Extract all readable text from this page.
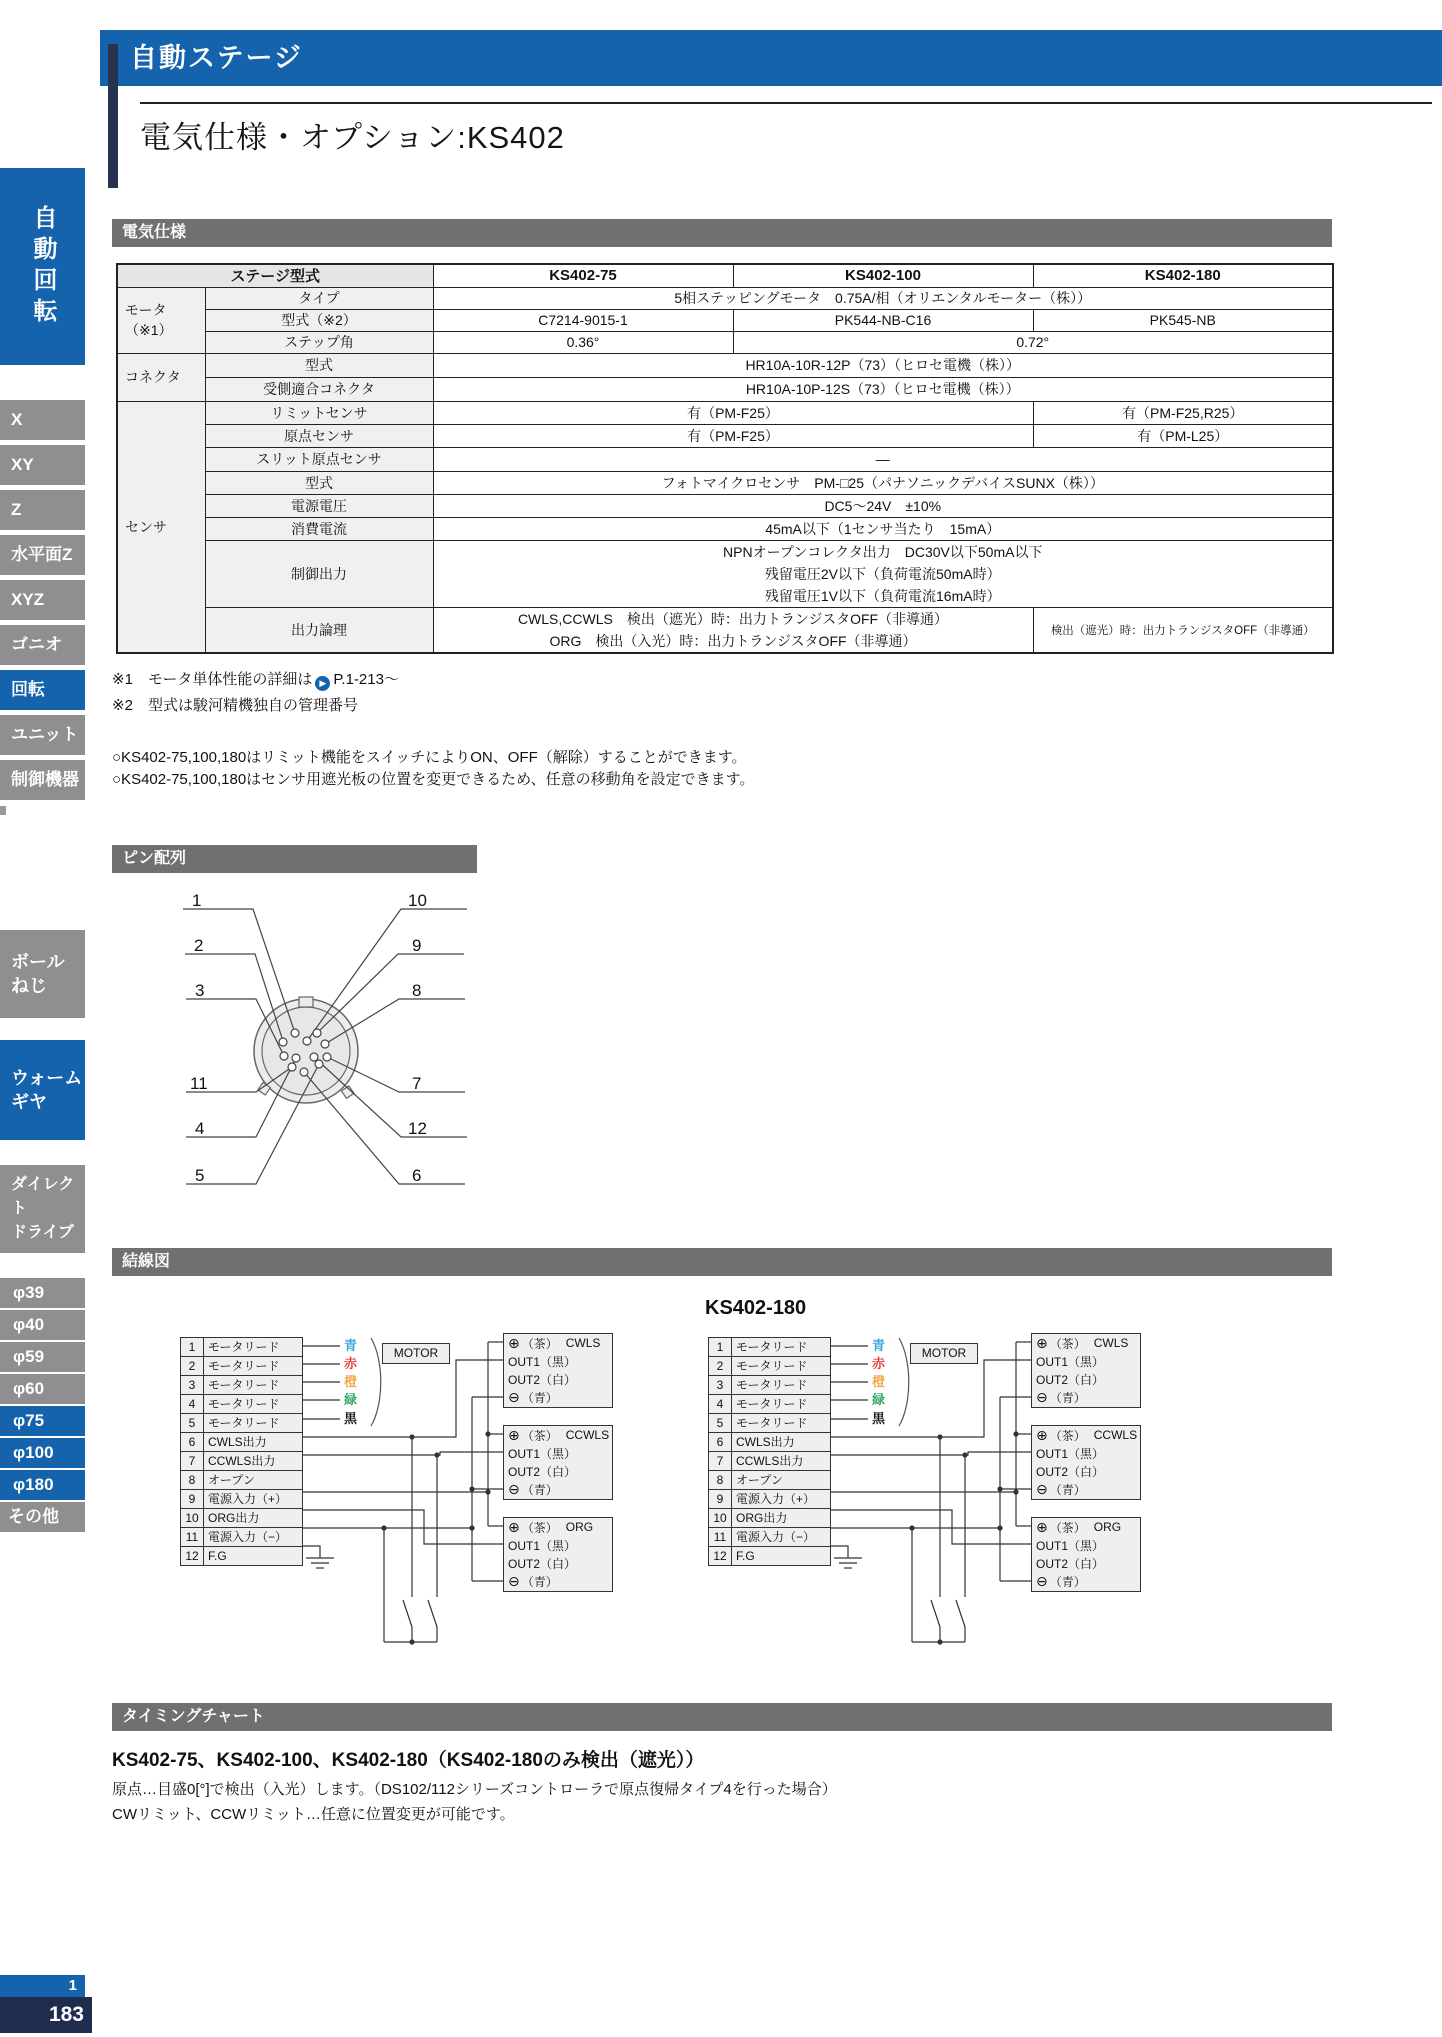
自動ステージ
電気仕様・オプション:KS402
自動回転
X
XY
Z
水平面Z
XYZ
ゴニオ
回転
ユニット
制御機器
ボール
ねじ
ウォーム
ギヤ
ダイレクト
ドライブ
φ39
φ40
φ59
φ60
φ75
φ100
φ180
その他
1
183
電気仕様
ステージ型式		KS402-75	KS402-100	KS402-180
モータ（※1）	タイプ	5相ステッピングモータ　0.75A/相（オリエンタルモーター（株））		
	型式（※2）	C7214-9015-1	PK544-NB-C16	PK545-NB
	ステップ角	0.36°	0.72°	
コネクタ	型式	HR10A-10R-12P（73）（ヒロセ電機（株））		
	受側適合コネクタ	HR10A-10P-12S（73）（ヒロセ電機（株））		
センサ	リミットセンサ	有（PM-F25）		有（PM-F25,R25）
	原点センサ	有（PM-F25）		有（PM-L25）
	スリット原点センサ	―		
	型式	フォトマイクロセンサ　PM-□25（パナソニックデバイスSUNX（株））		
	電源電圧	DC5〜24V　±10%		
	消費電流	45mA以下（1センサ当たり　15mA）		
	制御出力	NPNオープンコレクタ出力　DC30V以下50mA以下
残留電圧2V以下（負荷電流50mA時）
残留電圧1V以下（負荷電流16mA時）		

	出力論理	CWLS,CCWLS　検出（遮光）時：出力トランジスタOFF（非導通）
ORG　検出（入光）時：出力トランジスタOFF（非導通）		検出（遮光）時：出力トランジスタOFF（非導通）
※1　 モータ単体性能の詳細は ▶ P.1-213〜
※2　 型式は駿河精機独自の管理番号
○KS402-75,100,180はリミット機能をスイッチによりON、OFF（解除）することができます。
○KS402-75,100,180はセンサ用遮光板の位置を変更できるため、任意の移動角を設定できます。
ピン配列
1
2
3
11
4
5
10
9
8
7
12
6
結線図
KS402-180
1	モータリード
2	モータリード
3	モータリード
4	モータリード
5	モータリード
6	CWLS出力
7	CCWLS出力
8	オープン
9	電源入力（+）
10 ORG出力
11 電源入力（−）
12 F.G
青
赤
橙
緑
黒
MOTOR
⊕ （茶） CWLS
OUT1（黒）
OUT2（白）
⊖ （青）
⊕ （茶） CCWLS
OUT1（黒）
OUT2（白）
⊖ （青）
⊕ （茶） ORG
OUT1（黒）
OUT2（白）
⊖ （青）
1	モータリード
2	モータリード
3	モータリード
4	モータリード
5	モータリード
6	CWLS出力
7	CCWLS出力
8	オープン
9	電源入力（+）
10 ORG出力
11 電源入力（−）
12 F.G
青
赤
橙
緑
黒
MOTOR
⊕ （茶） CWLS
OUT1（黒）
OUT2（白）
⊖ （青）
⊕ （茶） CCWLS
OUT1（黒）
OUT2（白）
⊖ （青）
⊕ （茶） ORG
OUT1（黒）
OUT2（白）
⊖ （青）
タイミングチャート
KS402-75、KS402-100、KS402-180（KS402-180のみ検出（遮光））
原点…目盛0[°]で検出（入光）します。（DS102/112シリーズコントローラで原点復帰タイプ4を行った場合）
CWリミット、CCWリミット…任意に位置変更が可能です。
